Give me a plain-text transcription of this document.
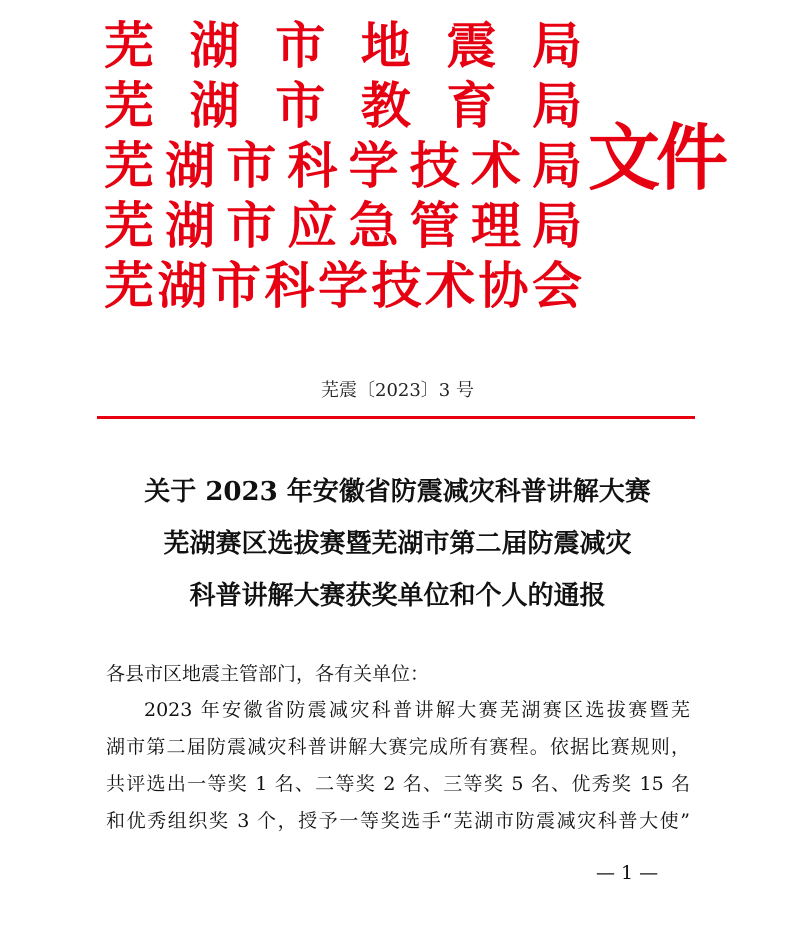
芜 湖 市 地 震 局
芜 湖 市 教 育 局
芜 湖 市 科 学 技 术 局
芜 湖 市 应 急 管 理 局
芜 湖 市 科 学 技 术 协 会
文件
芜震〔2023〕3 号
关于 2023 年安徽省防震减灾科普讲解大赛
芜湖赛区选拔赛暨芜湖市第二届防震减灾
科普讲解大赛获奖单位和个人的通报
各县市区地震主管部门，各有关单位：
2023 年安徽省防震减灾科普讲解大赛芜湖赛区选拔赛暨芜
湖市第二届防震减灾科普讲解大赛完成所有赛程。依据比赛规则，
共评选出一等奖 1 名、二等奖 2 名、三等奖 5 名、优秀奖 15 名
和优秀组织奖 3 个，授予一等奖选手“芜湖市防震减灾科普大使”
— 1 —
